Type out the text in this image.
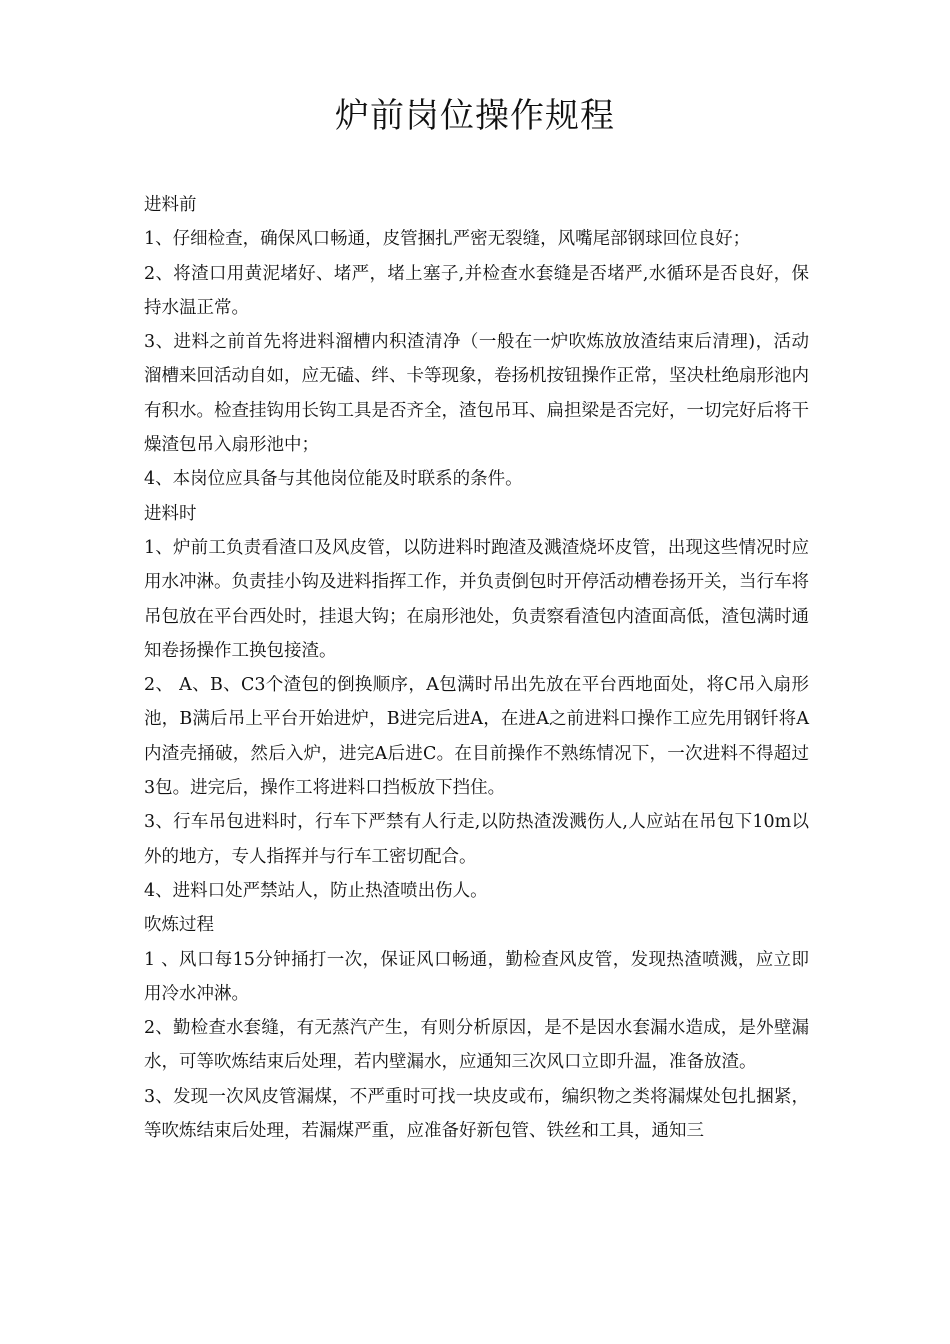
炉前岗位操作规程
进料前

1、仔细检查，确保风口畅通，皮管捆扎严密无裂缝，风嘴尾部钢球回位良好；

2、将渣口用黄泥堵好、堵严，堵上塞子,并检查水套缝是否堵严,水循环是否良好，保持水温正常。

3、进料之前首先将进料溜槽内积渣清净（一般在一炉吹炼放放渣结束后清理)，活动溜槽来回活动自如，应无磕、绊、卡等现象，卷扬机按钮操作正常，坚决杜绝扇形池内有积水。检查挂钩用长钩工具是否齐全，渣包吊耳、扁担梁是否完好，一切完好后将干燥渣包吊入扇形池中；

4、本岗位应具备与其他岗位能及时联系的条件。

进料时

1、炉前工负责看渣口及风皮管，以防进料时跑渣及溅渣烧坏皮管，出现这些情况时应用水冲淋。负责挂小钩及进料指挥工作，并负责倒包时开停活动槽卷扬开关，当行车将吊包放在平台西处时，挂退大钩；在扇形池处，负责察看渣包内渣面高低，渣包满时通知卷扬操作工换包接渣。

2、 A、B、C3个渣包的倒换顺序，A包满时吊出先放在平台西地面处，将C吊入扇形池，B满后吊上平台开始进炉，B进完后进A，在进A之前进料口操作工应先用钢钎将A内渣壳捅破，然后入炉，进完A后进C。在目前操作不熟练情况下，一次进料不得超过3包。进完后，操作工将进料口挡板放下挡住。

3、行车吊包进料时，行车下严禁有人行走,以防热渣泼溅伤人,人应站在吊包下10m以外的地方，专人指挥并与行车工密切配合。

4、进料口处严禁站人，防止热渣喷出伤人。

吹炼过程

1 、风口每15分钟捅打一次，保证风口畅通，勤检查风皮管，发现热渣喷溅，应立即用冷水冲淋。

2、勤检查水套缝，有无蒸汽产生，有则分析原因，是不是因水套漏水造成，是外壁漏水，可等吹炼结束后处理，若内壁漏水，应通知三次风口立即升温，准备放渣。

3、发现一次风皮管漏煤，不严重时可找一块皮或布，编织物之类将漏煤处包扎捆紧，等吹炼结束后处理，若漏煤严重，应准备好新包管、铁丝和工具，通知三
